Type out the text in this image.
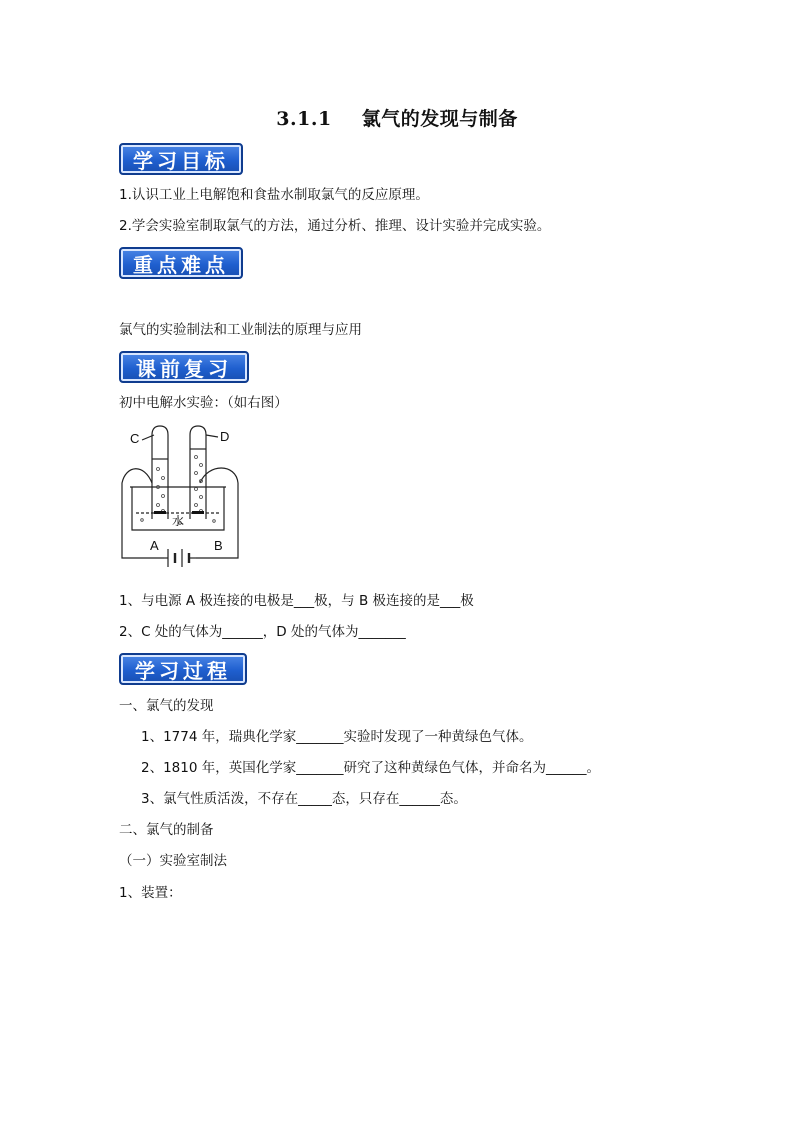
3.1.1 氯气的发现与制备
学习目标
1.认识工业上电解饱和食盐水制取氯气的反应原理。
2.学会实验室制取氯气的方法，通过分析、推理、设计实验并完成实验。
重点难点
氯气的实验制法和工业制法的原理与应用
课前复习
初中电解水实验：（如右图）
C	D
A	B
水
1、与电源 A 极连接的电极是___极，与 B 极连接的是___极
2、C 处的气体为______，D 处的气体为_______
学习过程
一、氯气的发现
1、1774 年，瑞典化学家_______实验时发现了一种黄绿色气体。
2、1810 年，英国化学家_______研究了这种黄绿色气体，并命名为______。
3、氯气性质活泼，不存在_____态，只存在______态。
二、氯气的制备
（一）实验室制法
1、装置：
